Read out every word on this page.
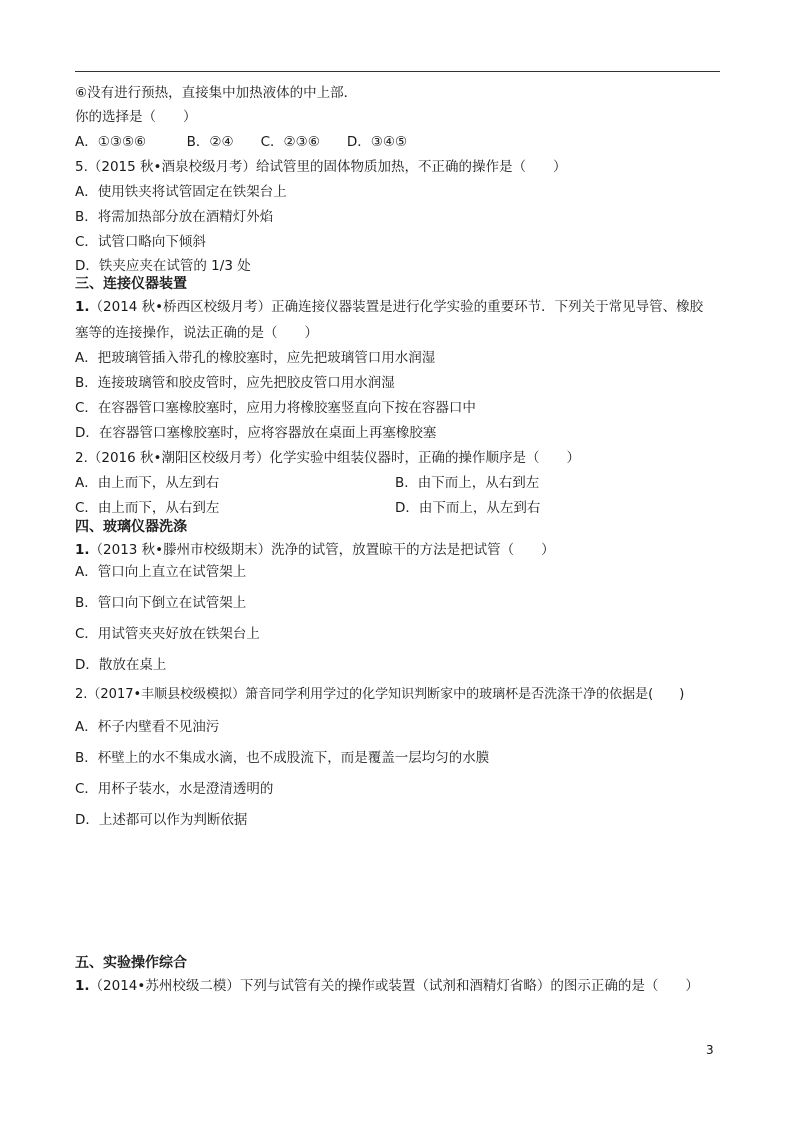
⑥没有进行预热，直接集中加热液体的中上部．
你的选择是（　　）
A．①③⑤⑥　　　B．②④　　C．②③⑥　　D．③④⑤
5.（2015 秋•酒泉校级月考）给试管里的固体物质加热，不正确的操作是（　　）
A．使用铁夹将试管固定在铁架台上
B．将需加热部分放在酒精灯外焰
C．试管口略向下倾斜
D．铁夹应夹在试管的 1/3 处
三、连接仪器装置
1.（2014 秋•桥西区校级月考）正确连接仪器装置是进行化学实验的重要环节．下列关于常见导管、橡胶
塞等的连接操作，说法正确的是（　　）
A．把玻璃管插入带孔的橡胶塞时，应先把玻璃管口用水润湿
B．连接玻璃管和胶皮管时，应先把胶皮管口用水润湿
C．在容器管口塞橡胶塞时，应用力将橡胶塞竖直向下按在容器口中
D．在容器管口塞橡胶塞时，应将容器放在桌面上再塞橡胶塞
2.（2016 秋•潮阳区校级月考）化学实验中组装仪器时，正确的操作顺序是（　　）
A．由上而下，从左到右	B．由下而上，从右到左
C．由上而下，从右到左	D．由下而上，从左到右
四、玻璃仪器洗涤
1.（2013 秋•滕州市校级期末）洗净的试管，放置晾干的方法是把试管（　　）
A．管口向上直立在试管架上
B．管口向下倒立在试管架上
C．用试管夹夹好放在铁架台上
D．散放在桌上
2.（2017•丰顺县校级模拟）箫音同学利用学过的化学知识判断家中的玻璃杯是否洗涤干净的依据是(　　)
A．杯子内壁看不见油污
B．杯壁上的水不集成水滴，也不成股流下，而是覆盖一层均匀的水膜
C．用杯子装水，水是澄清透明的
D．上述都可以作为判断依据
五、实验操作综合
1.（2014•苏州校级二模）下列与试管有关的操作或装置（试剂和酒精灯省略）的图示正确的是（　　）
3
